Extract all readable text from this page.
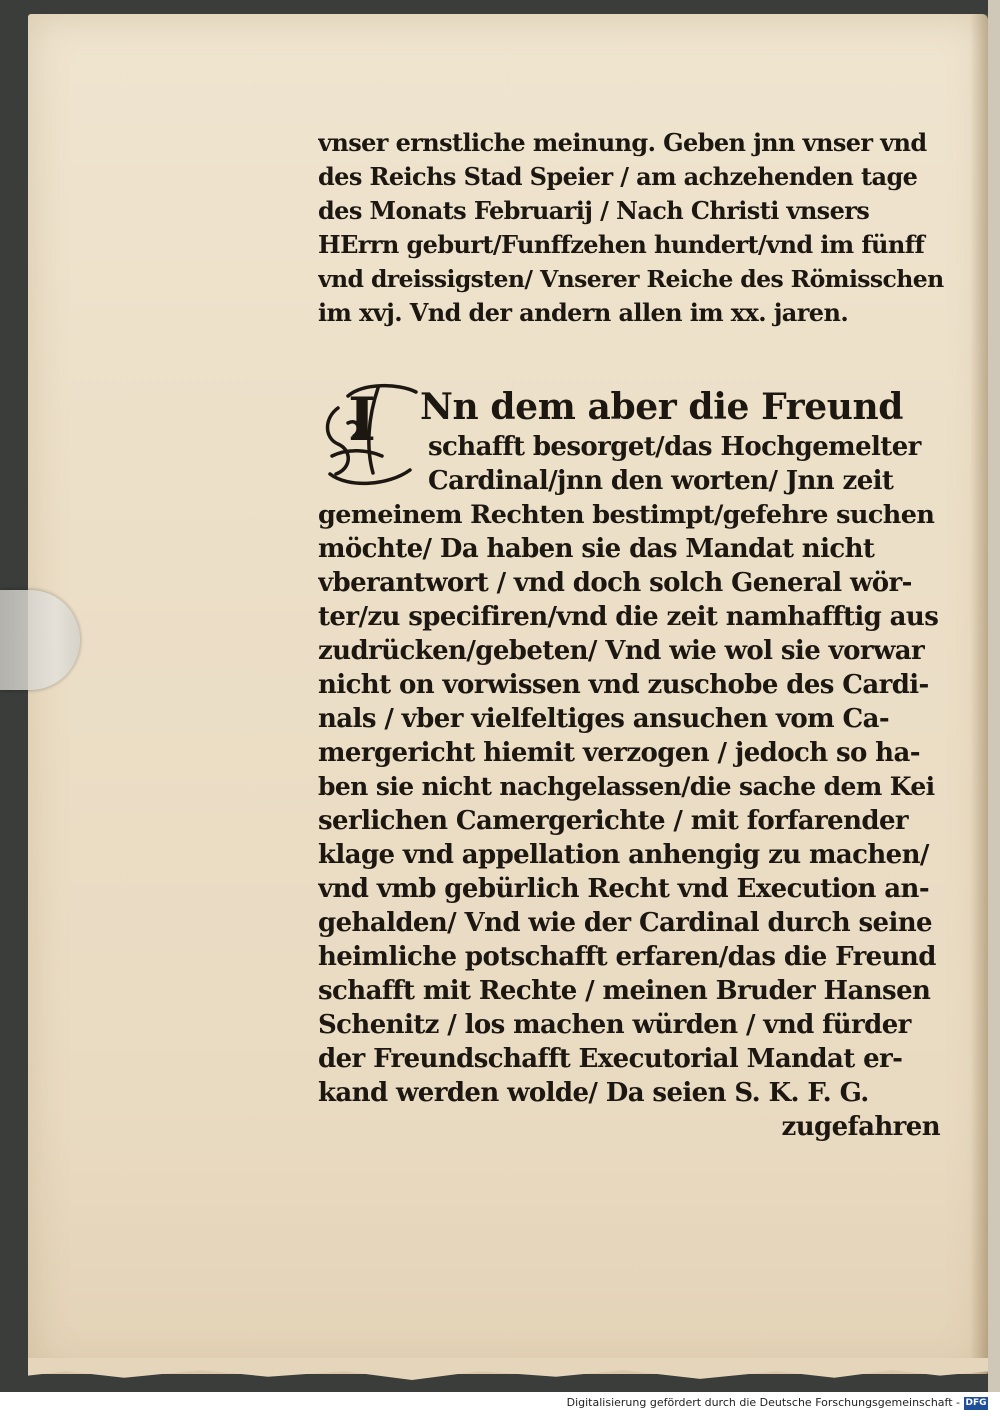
vnser ernstliche meinung. Geben jnn vnser vnd
des Reichs Stad Speier / am achzehenden tage
des Monats Februarij / Nach Christi vnsers
HErrn geburt/Funffzehen hundert/vnd im fünff
vnd dreissigsten/ Vnserer Reiche des Römisschen
im xvj. Vnd der andern allen im xx. jaren.
I	Nn dem aber die Freund
schafft besorget/das Hochgemelter
Cardinal/jnn den worten/ Jnn zeit
gemeinem Rechten bestimpt/gefehre suchen
möchte/ Da haben sie das Mandat nicht
vberantwort / vnd doch solch General wör-
ter/zu specifiren/vnd die zeit namhafftig aus
zudrücken/gebeten/ Vnd wie wol sie vorwar
nicht on vorwissen vnd zuschobe des Cardi-
nals / vber vielfeltiges ansuchen vom Ca-
mergericht hiemit verzogen / jedoch so ha-
ben sie nicht nachgelassen/die sache dem Kei
serlichen Camergerichte / mit forfarender
klage vnd appellation anhengig zu machen/
vnd vmb gebürlich Recht vnd Execution an-
gehalden/ Vnd wie der Cardinal durch seine
heimliche potschafft erfaren/das die Freund
schafft mit Rechte / meinen Bruder Hansen
Schenitz / los machen würden / vnd fürder
der Freundschafft Executorial Mandat er-
kand werden wolde/ Da seien S. K. F. G.
zugefahren
Digitalisierung gefördert durch die Deutsche Forschungsgemeinschaft - DFG
